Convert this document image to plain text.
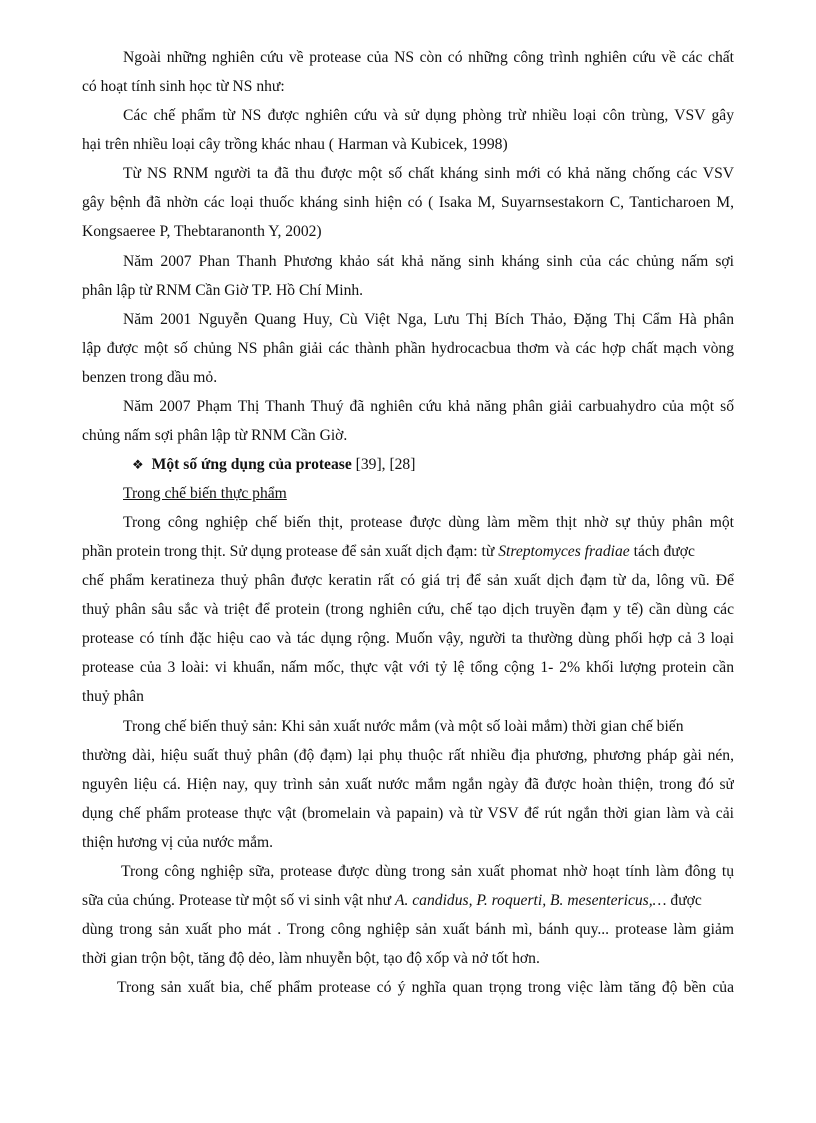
Ngoài những nghiên cứu về protease của NS còn có những công trình nghiên cứu về các chất
có hoạt tính sinh học từ NS như:
Các chế phẩm từ NS được nghiên cứu và sử dụng phòng trừ nhiều loại côn trùng, VSV gây
hại trên nhiều loại cây trồng khác nhau ( Harman và Kubicek, 1998)
Từ NS RNM người ta đã thu được một số chất kháng sinh mới có khả năng chống các VSV
gây bệnh đã nhờn các loại thuốc kháng sinh hiện có ( Isaka M, Suyarnsestakorn C, Tanticharoen M,
Kongsaeree P, Thebtaranonth Y, 2002)
Năm 2007 Phan Thanh Phương khảo sát khả năng sinh kháng sinh của các chủng nấm sợi
phân lập từ RNM Cần Giờ TP. Hồ Chí Minh.
Năm 2001 Nguyễn Quang Huy, Cù Việt Nga, Lưu Thị Bích Thảo, Đặng Thị Cẩm Hà phân
lập được một số chủng NS phân giải các thành phần hydrocacbua thơm và các hợp chất mạch vòng
benzen trong dầu mỏ.
Năm 2007 Phạm Thị Thanh Thuý đã nghiên cứu khả năng phân giải carbuahydro của một số
chủng nấm sợi phân lập từ RNM Cần Giờ.
❖ Một số ứng dụng của protease [39], [28]
Trong chế biến thực phẩm
Trong công nghiệp chế biến thịt, protease được dùng làm mềm thịt nhờ sự thủy phân một
phần protein trong thịt. Sử dụng protease để sản xuất dịch đạm: từ Streptomyces fradiae tách được
chế phẩm keratineza thuỷ phân được keratin rất có giá trị để sản xuất dịch đạm từ da, lông vũ. Để
thuỷ phân sâu sắc và triệt để protein (trong nghiên cứu, chế tạo dịch truyền đạm y tế) cần dùng các
protease có tính đặc hiệu cao và tác dụng rộng. Muốn vậy, người ta thường dùng phối hợp cả 3 loại
protease của 3 loài: vi khuẩn, nấm mốc, thực vật với tỷ lệ tổng cộng 1- 2% khối lượng protein cần
thuỷ phân
Trong chế biến thuỷ sản: Khi sản xuất nước mắm (và một số loài mắm) thời gian chế biến
thường dài, hiệu suất thuỷ phân (độ đạm) lại phụ thuộc rất nhiều địa phương, phương pháp gài nén,
nguyên liệu cá. Hiện nay, quy trình sản xuất nước mắm ngắn ngày đã được hoàn thiện, trong đó sử
dụng chế phẩm protease thực vật (bromelain và papain) và từ VSV để rút ngắn thời gian làm và cải
thiện hương vị của nước mắm.
Trong công nghiệp sữa, protease được dùng trong sản xuất phomat nhờ hoạt tính làm đông tụ
sữa của chúng. Protease từ một số vi sinh vật như A. candidus, P. roquerti, B. mesentericus,… được
dùng trong sản xuất pho mát . Trong công nghiệp sản xuất bánh mì, bánh quy... protease làm giảm
thời gian trộn bột, tăng độ dẻo, làm nhuyễn bột, tạo độ xốp và nở tốt hơn.
Trong sản xuất bia, chế phẩm protease có ý nghĩa quan trọng trong việc làm tăng độ bền của
